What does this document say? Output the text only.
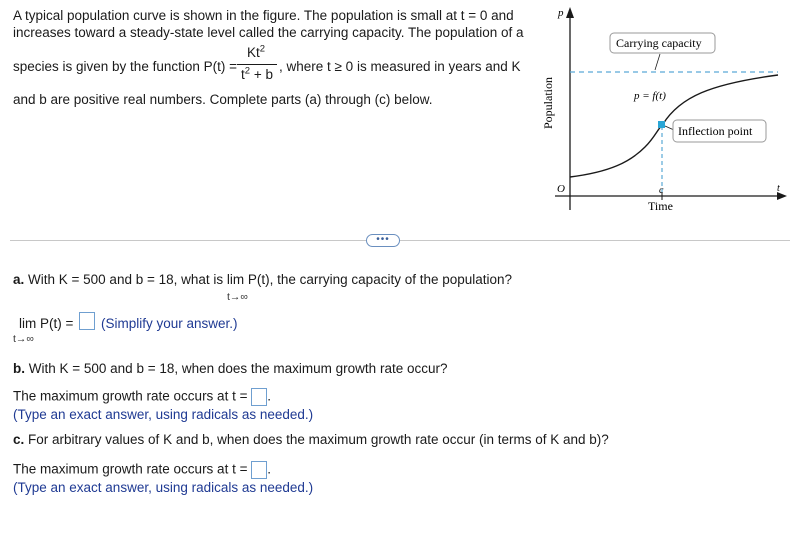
A typical population curve is shown in the figure. The population is small at t = 0 and
increases toward a steady-state level called the carrying capacity. The population of a
species is given by the function P(t) =
$Kt^2$
$t^2 + b$
, where t ≥ 0 is measured in years and K
and b are positive real numbers. Complete parts (a) through (c) below.
p
t
O
Population
Time
c
Carrying capacity
p = f(t)
Inflection point
•••
a. With K = 500 and b = 18, what is lim P(t), the carrying capacity of the population?
t→∞
lim P(t) = (Simplify your answer.)
t→∞
b. With K = 500 and b = 18, when does the maximum growth rate occur?
The maximum growth rate occurs at t = .
(Type an exact answer, using radicals as needed.)
c. For arbitrary values of K and b, when does the maximum growth rate occur (in terms of K and b)?
The maximum growth rate occurs at t = .
(Type an exact answer, using radicals as needed.)
